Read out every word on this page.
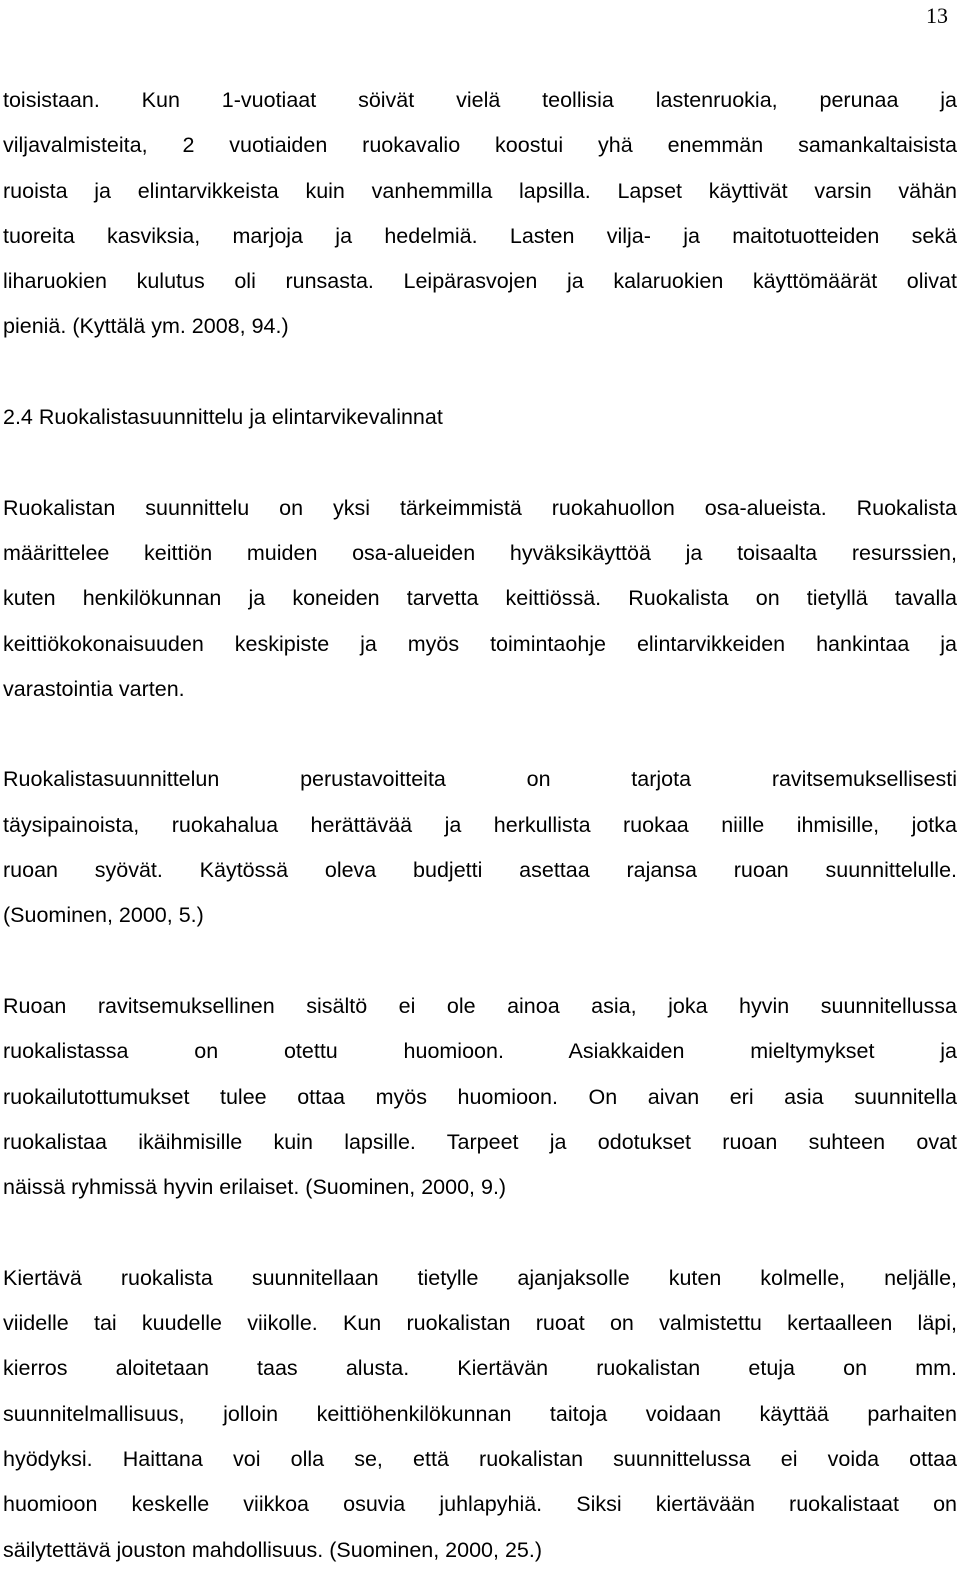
13
toisistaan. Kun 1-vuotiaat söivät vielä teollisia lastenruokia, perunaa ja
viljavalmisteita, 2 vuotiaiden ruokavalio koostui yhä enemmän samankaltaisista
ruoista ja elintarvikkeista kuin vanhemmilla lapsilla. Lapset käyttivät varsin vähän
tuoreita kasviksia, marjoja ja hedelmiä. Lasten vilja- ja maitotuotteiden sekä
liharuokien kulutus oli runsasta. Leipärasvojen ja kalaruokien käyttömäärät olivat
pieniä. (Kyttälä ym. 2008, 94.)
2.4 Ruokalistasuunnittelu ja elintarvikevalinnat
Ruokalistan suunnittelu on yksi tärkeimmistä ruokahuollon osa-alueista. Ruokalista
määrittelee keittiön muiden osa-alueiden hyväksikäyttöä ja toisaalta resurssien,
kuten henkilökunnan ja koneiden tarvetta keittiössä. Ruokalista on tietyllä tavalla
keittiökokonaisuuden keskipiste ja myös toimintaohje elintarvikkeiden hankintaa ja
varastointia varten.
Ruokalistasuunnittelun perustavoitteita on tarjota ravitsemuksellisesti
täysipainoista, ruokahalua herättävää ja herkullista ruokaa niille ihmisille, jotka
ruoan syövät. Käytössä oleva budjetti asettaa rajansa ruoan suunnittelulle.
(Suominen, 2000, 5.)
Ruoan ravitsemuksellinen sisältö ei ole ainoa asia, joka hyvin suunnitellussa
ruokalistassa on otettu huomioon. Asiakkaiden mieltymykset ja
ruokailutottumukset tulee ottaa myös huomioon. On aivan eri asia suunnitella
ruokalistaa ikäihmisille kuin lapsille. Tarpeet ja odotukset ruoan suhteen ovat
näissä ryhmissä hyvin erilaiset. (Suominen, 2000, 9.)
Kiertävä ruokalista suunnitellaan tietylle ajanjaksolle kuten kolmelle, neljälle,
viidelle tai kuudelle viikolle. Kun ruokalistan ruoat on valmistettu kertaalleen läpi,
kierros aloitetaan taas alusta. Kiertävän ruokalistan etuja on mm.
suunnitelmallisuus, jolloin keittiöhenkilökunnan taitoja voidaan käyttää parhaiten
hyödyksi. Haittana voi olla se, että ruokalistan suunnittelussa ei voida ottaa
huomioon keskelle viikkoa osuvia juhlapyhiä. Siksi kiertävään ruokalistaat on
säilytettävä jouston mahdollisuus. (Suominen, 2000, 25.)
